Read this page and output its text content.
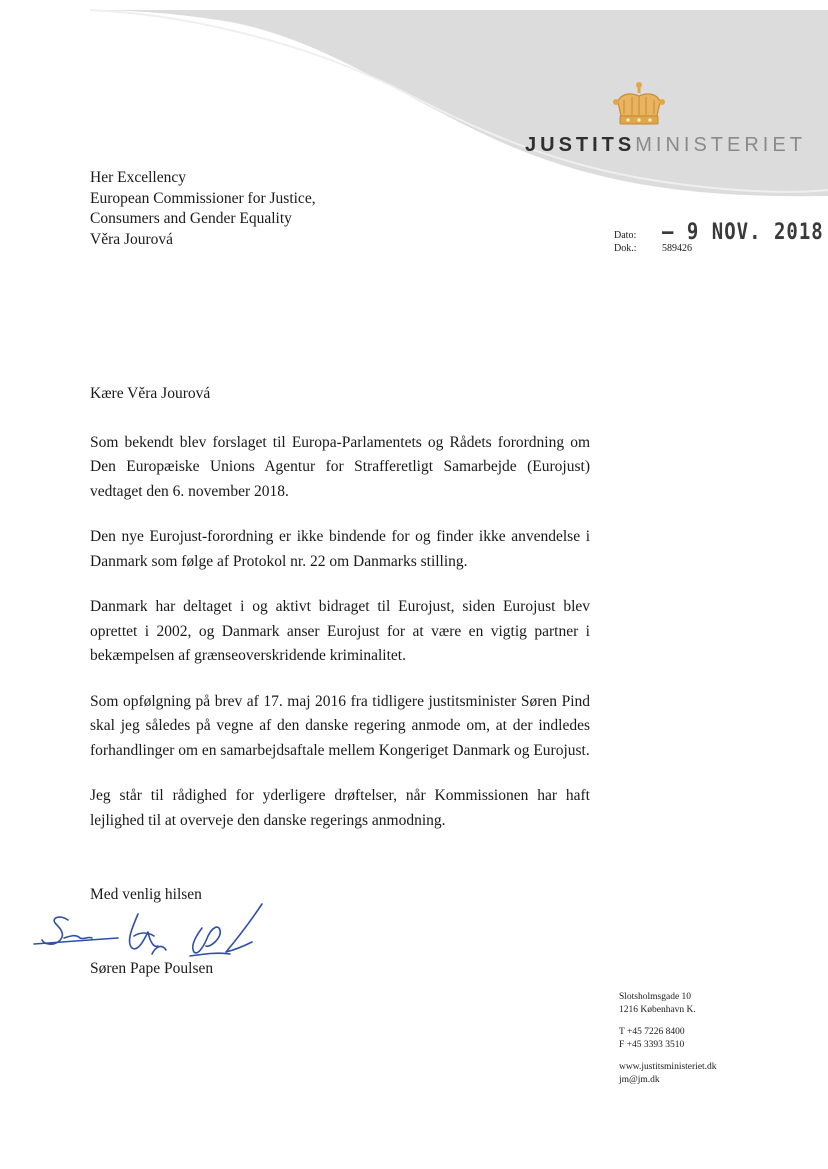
JUSTITSMINISTERIET
Her Excellency
European Commissioner for Justice,
Consumers and Gender Equality
Věra Jourová	Dato:	– 9 NOV. 2018
Dok.:	589426

Kære Věra Jourová

Som bekendt blev forslaget til Europa-Parlamentets og Rådets forordning om Den Europæiske Unions Agentur for Strafferetligt Samarbejde (Eurojust) vedtaget den 6. november 2018.

Den nye Eurojust-forordning er ikke bindende for og finder ikke anvendelse i Danmark som følge af Protokol nr. 22 om Danmarks stilling.

Danmark har deltaget i og aktivt bidraget til Eurojust, siden Eurojust blev oprettet i 2002, og Danmark anser Eurojust for at være en vigtig partner i bekæmpelsen af grænseoverskridende kriminalitet.

Som opfølgning på brev af 17. maj 2016 fra tidligere justitsminister Søren Pind skal jeg således på vegne af den danske regering anmode om, at der indledes forhandlinger om en samarbejdsaftale mellem Kongeriget Danmark og Eurojust.

Jeg står til rådighed for yderligere drøftelser, når Kommissionen har haft lejlighed til at overveje den danske regerings anmodning.

Med venlig hilsen
Søren Pape Poulsen
Slotsholmsgade 10
1216 København K.
T +45 7226 8400
F +45 3393 3510
www.justitsministeriet.dk
jm@jm.dk
